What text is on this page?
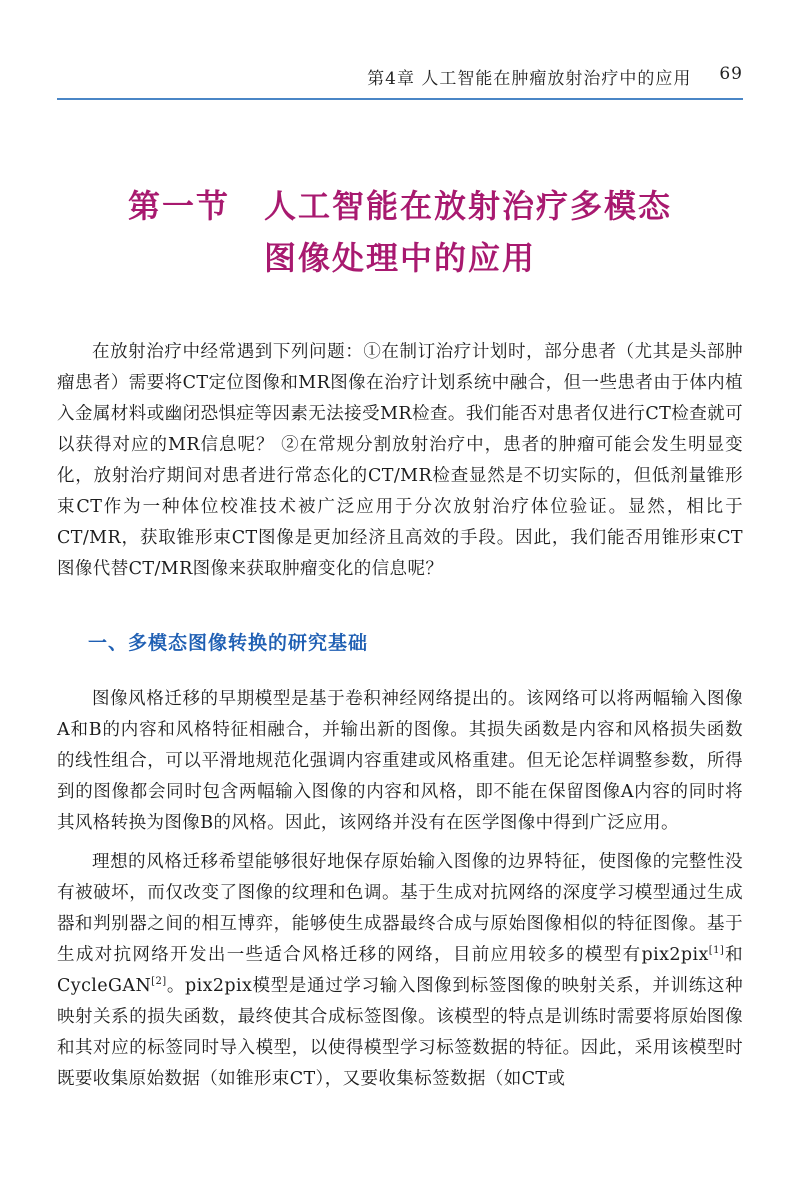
第4章 人工智能在肿瘤放射治疗中的应用 69
第一节 人工智能在放射治疗多模态
图像处理中的应用

在放射治疗中经常遇到下列问题：①在制订治疗计划时，部分患者（尤其是头部肿瘤患者）需要将CT定位图像和MR图像在治疗计划系统中融合，但一些患者由于体内植入金属材料或幽闭恐惧症等因素无法接受MR检查。我们能否对患者仅进行CT检查就可以获得对应的MR信息呢？ ②在常规分割放射治疗中，患者的肿瘤可能会发生明显变化，放射治疗期间对患者进行常态化的CT/MR检查显然是不切实际的，但低剂量锥形束CT作为一种体位校准技术被广泛应用于分次放射治疗体位验证。显然，相比于CT/MR，获取锥形束CT图像是更加经济且高效的手段。因此，我们能否用锥形束CT图像代替CT/MR图像来获取肿瘤变化的信息呢？

一、多模态图像转换的研究基础

图像风格迁移的早期模型是基于卷积神经网络提出的。该网络可以将两幅输入图像A和B的内容和风格特征相融合，并输出新的图像。其损失函数是内容和风格损失函数的线性组合，可以平滑地规范化强调内容重建或风格重建。但无论怎样调整参数，所得到的图像都会同时包含两幅输入图像的内容和风格，即不能在保留图像A内容的同时将其风格转换为图像B的风格。因此，该网络并没有在医学图像中得到广泛应用。

理想的风格迁移希望能够很好地保存原始输入图像的边界特征，使图像的完整性没有被破坏，而仅改变了图像的纹理和色调。基于生成对抗网络的深度学习模型通过生成器和判别器之间的相互博弈，能够使生成器最终合成与原始图像相似的特征图像。基于生成对抗网络开发出一些适合风格迁移的网络，目前应用较多的模型有pix2pix[1]和CycleGAN[2]。pix2pix模型是通过学习输入图像到标签图像的映射关系，并训练这种映射关系的损失函数，最终使其合成标签图像。该模型的特点是训练时需要将原始图像和其对应的标签同时导入模型，以使得模型学习标签数据的特征。因此，采用该模型时既要收集原始数据（如锥形束CT），又要收集标签数据（如CT或
